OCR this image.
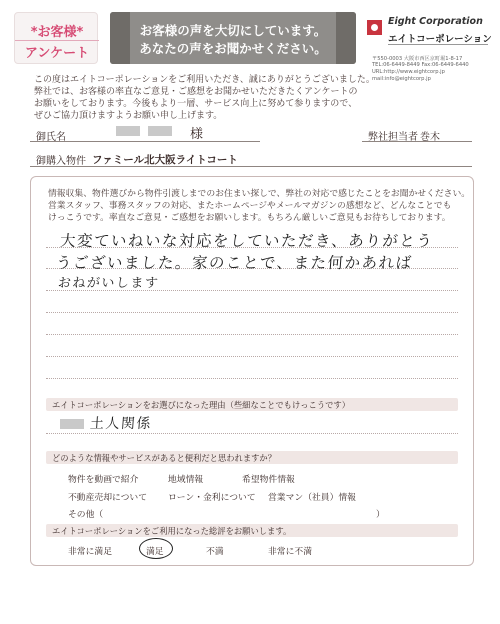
*お客様*
アンケート
お客様の声を大切にしています。
あなたの声をお聞かせください。
Eight Corporation
エイトコーポレーション
〒550-0003 大阪市西区京町堀1-8-17
TEL:06-6449-8449 Fax:06-6449-6440
URL:http://www.eightcorp.jp
mail:info@eightcorp.jp
この度はエイトコーポレーションをご利用いただき、誠にありがとうございました。
弊社では、お客様の率直なご意見・ご感想をお聞かせいただきたくアンケートの
お願いをしております。今後もより一層、サービス向上に努めて参りますので、
ぜひご協力頂けますようお願い申し上げます。
御氏名	様	弊社担当者 巻木
御購入物件 ファミール北大阪ライトコート
情報収集、物件選びから物件引渡しまでのお住まい探しで、弊社の対応で感じたことをお聞かせください。
営業スタッフ、事務スタッフの対応、またホームページやメールマガジンの感想など、どんなことでも
けっこうです。率直なご意見・ご感想をお願いします。もちろん厳しいご意見もお待ちしております。
大変ていねいな対応をしていただき、ありがとう
うございました。家のことで、また何かあれば
おねがいします
エイトコーポレーションをお選びになった理由（些細なことでもけっこうです）
土人関係
どのような情報やサービスがあると便利だと思われますか？
物件を動画で紹介	地域情報	希望物件情報
不動産売却について ローン・金利について 営業マン（社員）情報
その他（	）
エイトコーポレーションをご利用になった総評をお願いします。
非常に満足	満足	不満	非常に不満
